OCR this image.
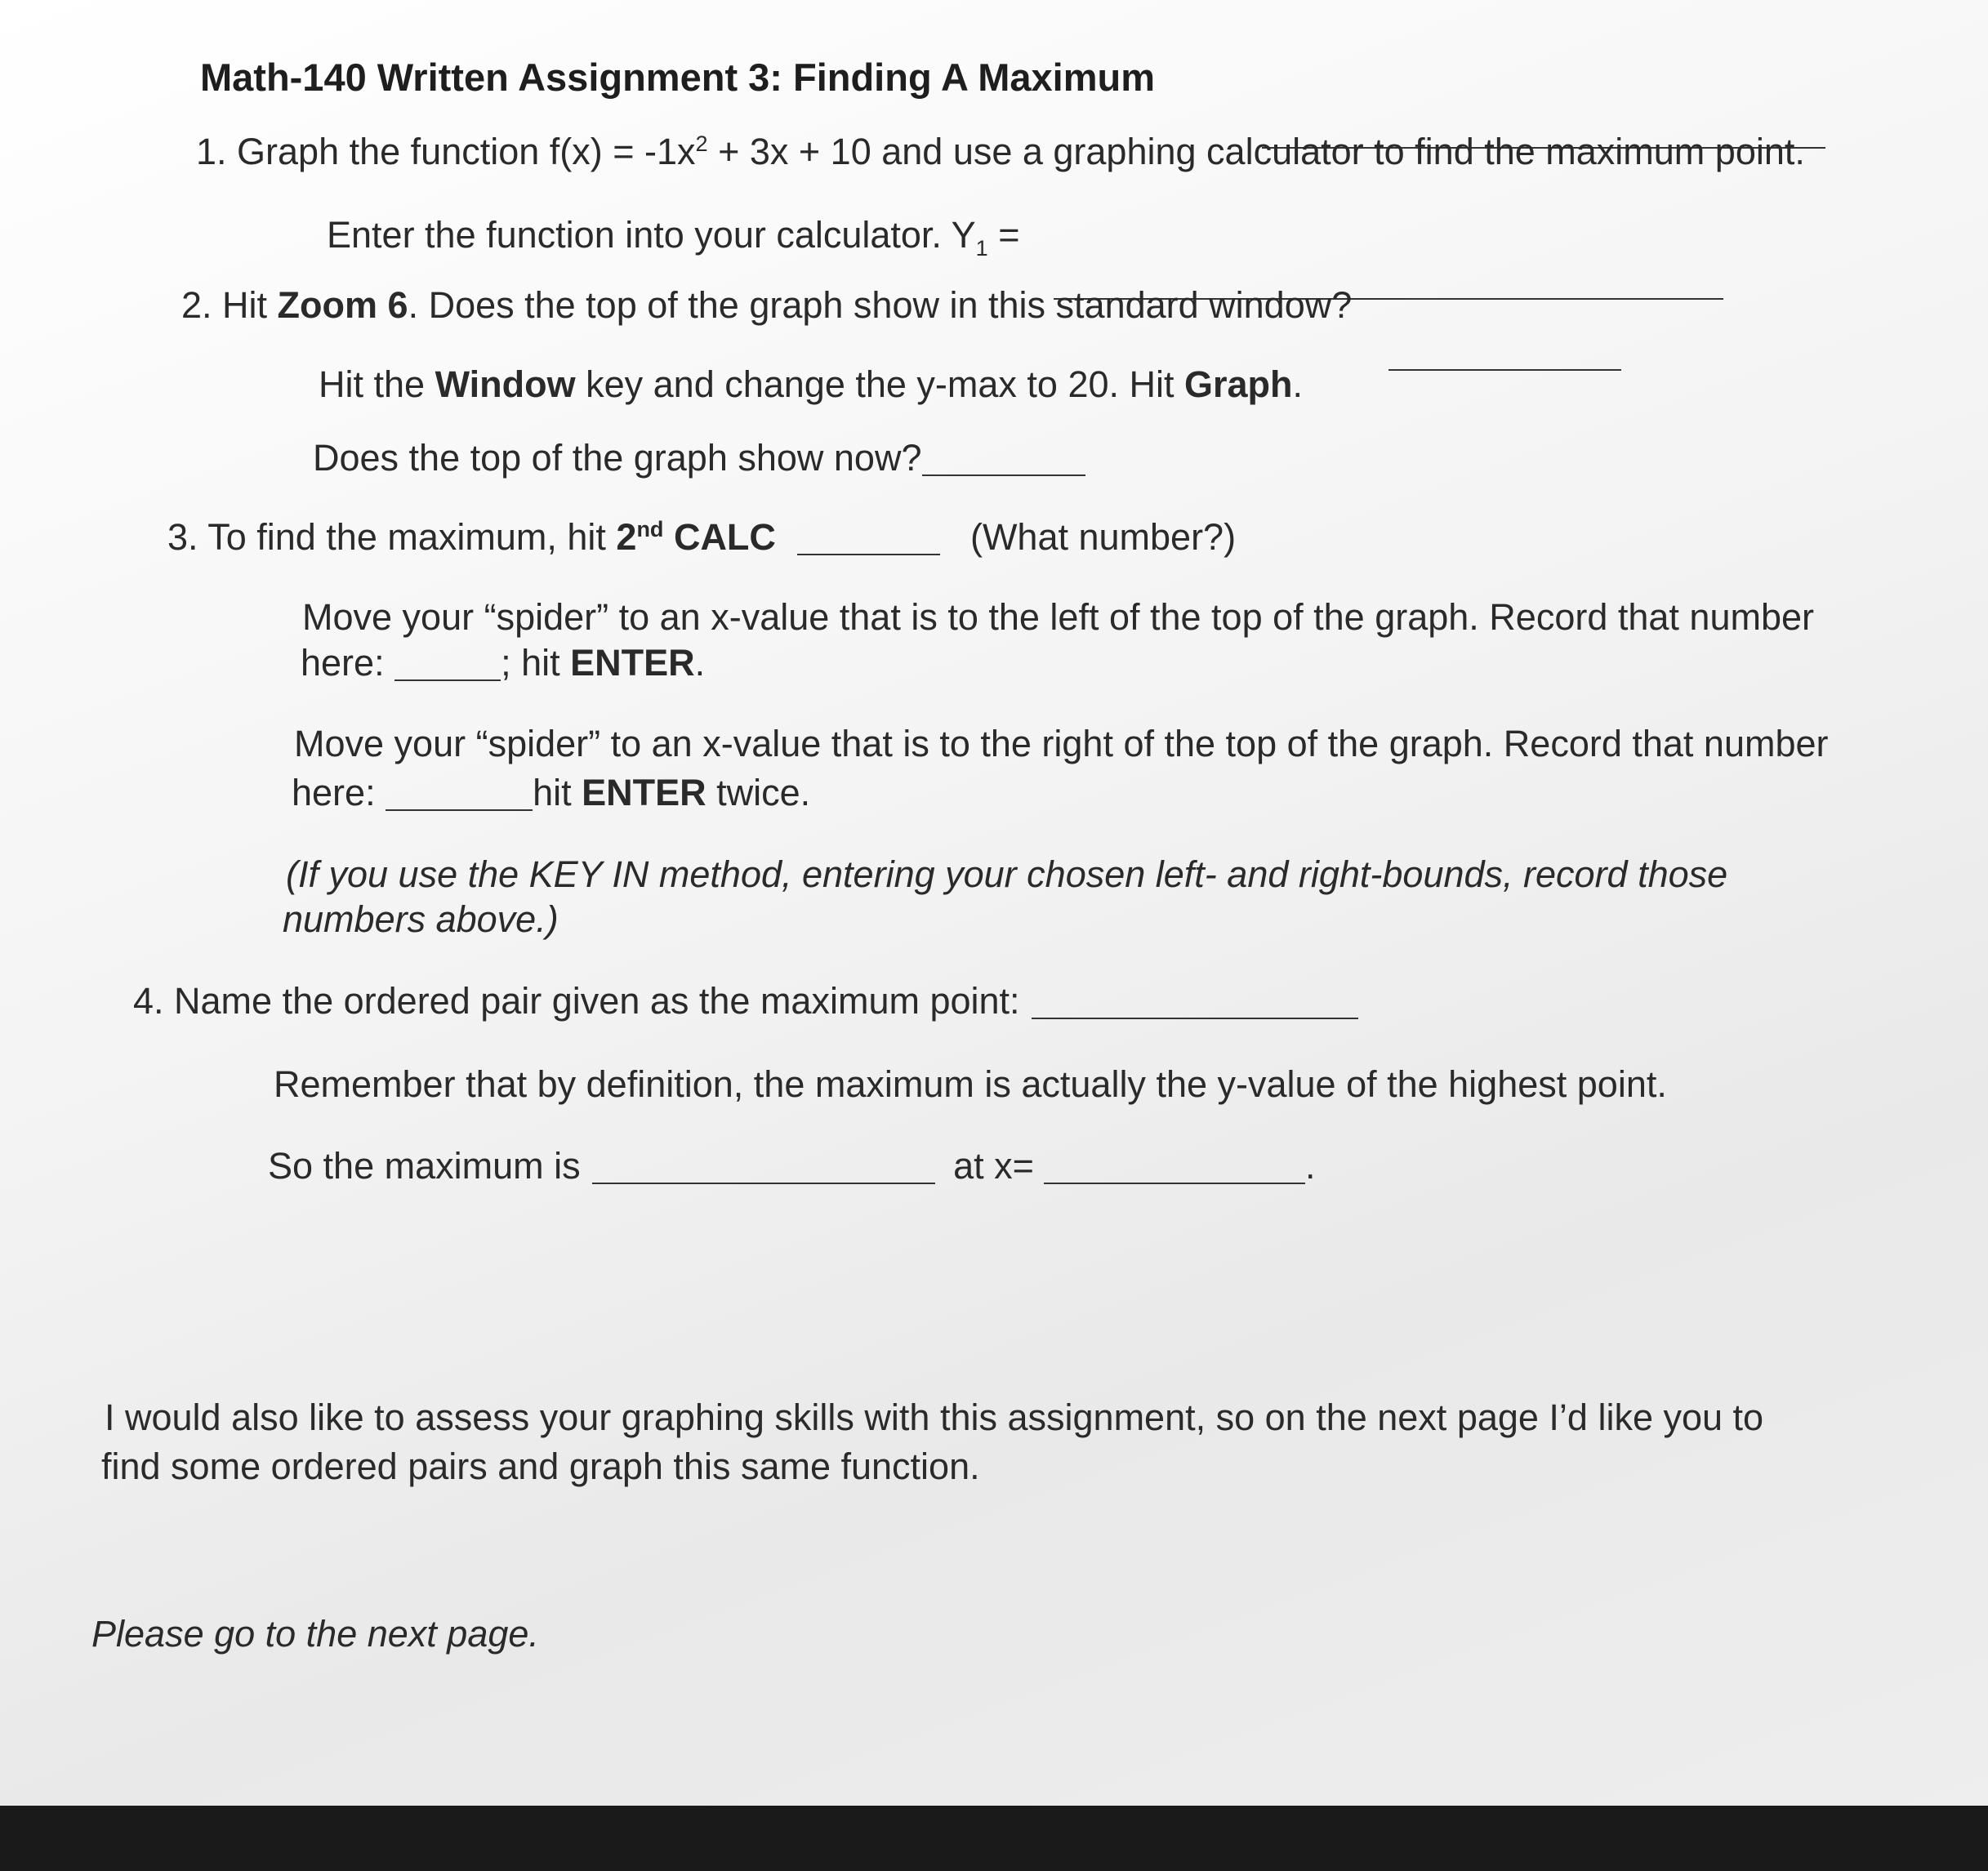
Math-140 Written Assignment 3: Finding A Maximum
1. Graph the function $f(x) = -1x^2 + 3x + 10$ and use a graphing calculator to find the maximum point.
Enter the function into your calculator. $Y_1$ =
2. Hit Zoom 6. Does the top of the graph show in this standard window?
Hit the Window key and change the y-max to 20. Hit Graph.
Does the top of the graph show now?
3. To find the maximum, hit 2nd CALC	(What number?)
Move your “spider” to an x-value that is to the left of the top of the graph. Record that number
here:	; hit ENTER.
Move your “spider” to an x-value that is to the right of the top of the graph. Record that number
here:	hit ENTER twice.
(If you use the KEY IN method, entering your chosen left- and right-bounds, record those
numbers above.)
4. Name the ordered pair given as the maximum point:
Remember that by definition, the maximum is actually the y-value of the highest point.
So the maximum is	at x=	.
I would also like to assess your graphing skills with this assignment, so on the next page I’d like you to
find some ordered pairs and graph this same function.
Please go to the next page.
